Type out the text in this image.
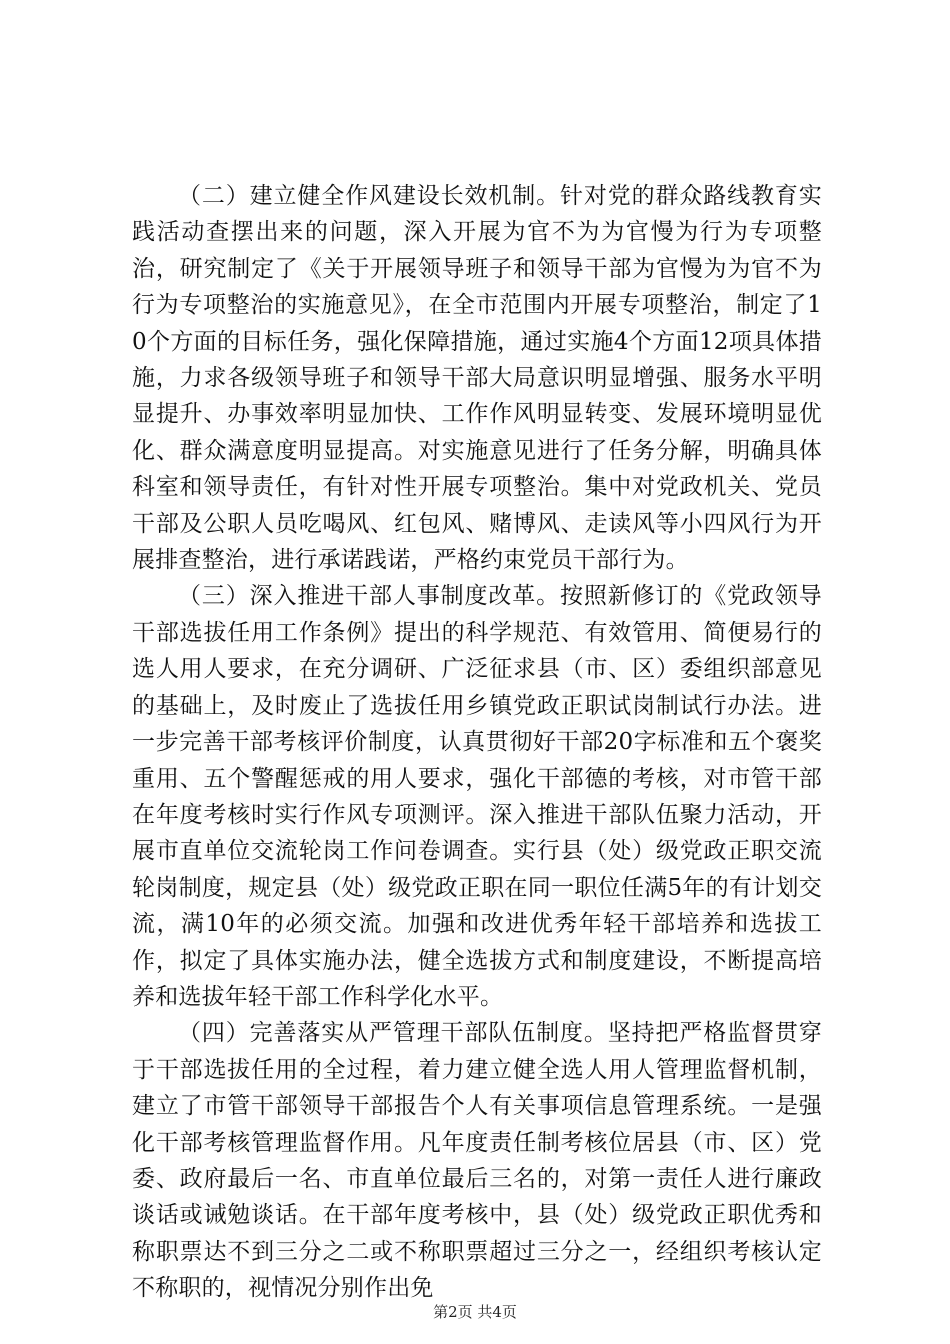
（二）建立健全作风建设长效机制。针对党的群众路线教育实践活动查摆出来的问题，深入开展为官不为为官慢为行为专项整治，研究制定了《关于开展领导班子和领导干部为官慢为为官不为行为专项整治的实施意见》，在全市范围内开展专项整治，制定了10个方面的目标任务，强化保障措施，通过实施4个方面12项具体措施，力求各级领导班子和领导干部大局意识明显增强、服务水平明显提升、办事效率明显加快、工作作风明显转变、发展环境明显优化、群众满意度明显提高。对实施意见进行了任务分解，明确具体科室和领导责任，有针对性开展专项整治。集中对党政机关、党员干部及公职人员吃喝风、红包风、赌博风、走读风等小四风行为开展排查整治，进行承诺践诺，严格约束党员干部行为。

（三）深入推进干部人事制度改革。按照新修订的《党政领导干部选拔任用工作条例》提出的科学规范、有效管用、简便易行的选人用人要求，在充分调研、广泛征求县（市、区）委组织部意见的基础上，及时废止了选拔任用乡镇党政正职试岗制试行办法。进一步完善干部考核评价制度，认真贯彻好干部20字标准和五个褒奖重用、五个警醒惩戒的用人要求，强化干部德的考核，对市管干部在年度考核时实行作风专项测评。深入推进干部队伍聚力活动，开展市直单位交流轮岗工作问卷调查。实行县（处）级党政正职交流轮岗制度，规定县（处）级党政正职在同一职位任满5年的有计划交流，满10年的必须交流。加强和改进优秀年轻干部培养和选拔工作，拟定了具体实施办法，健全选拔方式和制度建设，不断提高培养和选拔年轻干部工作科学化水平。

（四）完善落实从严管理干部队伍制度。坚持把严格监督贯穿于干部选拔任用的全过程，着力建立健全选人用人管理监督机制，建立了市管干部领导干部报告个人有关事项信息管理系统。一是强化干部考核管理监督作用。凡年度责任制考核位居县（市、区）党委、政府最后一名、市直单位最后三名的，对第一责任人进行廉政谈话或诫勉谈话。在干部年度考核中，县（处）级党政正职优秀和称职票达不到三分之二或不称职票超过三分之一，经组织考核认定不称职的，视情况分别作出免

第2页 共4页
